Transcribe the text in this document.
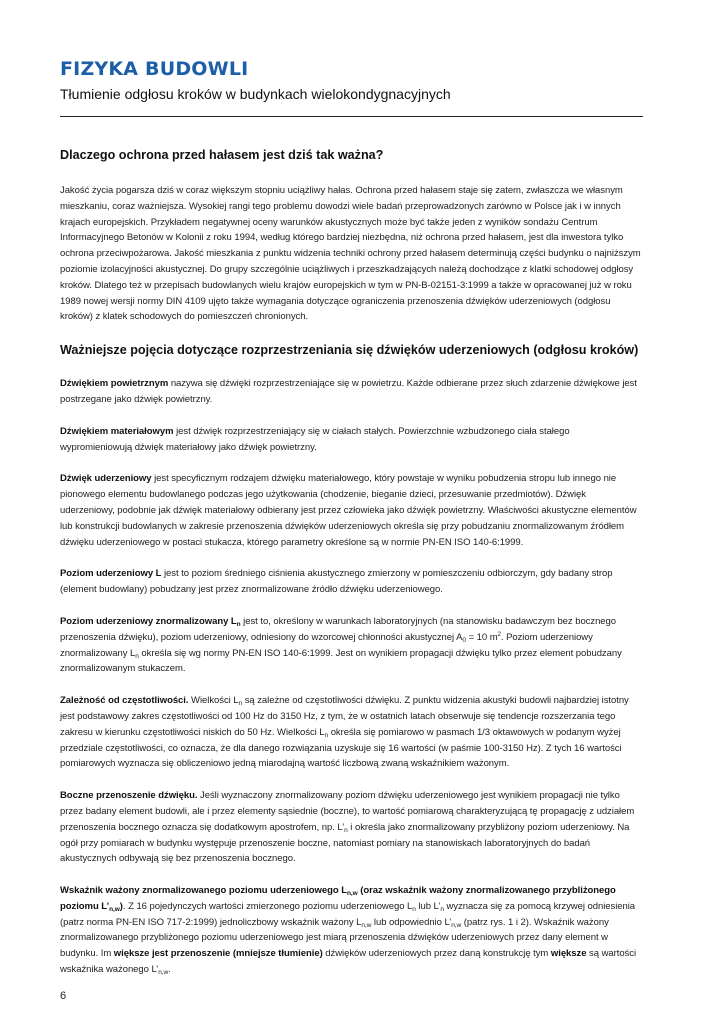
FIZYKA BUDOWLI
Tłumienie odgłosu kroków w budynkach wielokondygnacyjnych
Dlaczego ochrona przed hałasem jest dziś tak ważna?

Jakość życia pogarsza dziś w coraz większym stopniu uciążliwy hałas. Ochrona przed hałasem staje się zatem, zwłaszcza we własnym mieszkaniu, coraz ważniejsza. Wysokiej rangi tego problemu dowodzi wiele badań przeprowadzonych zarówno w Polsce jak i w innych krajach europejskich. Przykładem negatywnej oceny warunków akustycznych może być także jeden z wyników sondażu Centrum Informacyjnego Betonów w Kolonii z roku 1994, według którego bardziej niezbędna, niż ochrona przed hałasem, jest dla inwestora tylko ochrona przeciwpożarowa. Jakość mieszkania z punktu widzenia techniki ochrony przed hałasem determinują części budynku o najniższym poziomie izolacyjności akustycznej. Do grupy szczególnie uciążliwych i przeszkadzających należą dochodzące z klatki schodowej odgłosy kroków. Dlatego też w przepisach budowlanych wielu krajów europejskich w tym w PN-B-02151-3:1999 a także w opracowanej już w roku 1989 nowej wersji normy DIN 4109 ujęto także wymagania dotyczące ograniczenia przenoszenia dźwięków uderzeniowych (odgłosu kroków) z klatek schodowych do pomieszczeń chronionych.

Ważniejsze pojęcia dotyczące rozprzestrzeniania się dźwięków uderzeniowych (odgłosu kroków)

Dźwiękiem powietrznym nazywa się dźwięki rozprzestrzeniające się w powietrzu. Każde odbierane przez słuch zdarzenie dźwiękowe jest postrzegane jako dźwięk powietrzny.

Dźwiękiem materiałowym jest dźwięk rozprzestrzeniający się w ciałach stałych. Powierzchnie wzbudzonego ciała stałego wypromieniowują dźwięk materiałowy jako dźwięk powietrzny.

Dźwięk uderzeniowy jest specyficznym rodzajem dźwięku materiałowego, który powstaje w wyniku pobudzenia stropu lub innego nie pionowego elementu budowlanego podczas jego użytkowania (chodzenie, bieganie dzieci, przesuwanie przedmiotów). Dźwięk uderzeniowy, podobnie jak dźwięk materiałowy odbierany jest przez człowieka jako dźwięk powietrzny. Właściwości akustyczne elementów lub konstrukcji budowlanych w zakresie przenoszenia dźwięków uderzeniowych określa się przy pobudzaniu znormalizowanym źródłem dźwięku uderzeniowego w postaci stukacza, którego parametry określone są w normie PN-EN ISO 140-6:1999.

Poziom uderzeniowy L jest to poziom średniego ciśnienia akustycznego zmierzony w pomieszczeniu odbiorczym, gdy badany strop (element budowlany) pobudzany jest przez znormalizowane źródło dźwięku uderzeniowego.

Poziom uderzeniowy znormalizowany $L_n$ jest to, określony w warunkach laboratoryjnych (na stanowisku badawczym bez bocznego przenoszenia dźwięku), poziom uderzeniowy, odniesiony do wzorcowej chłonności akustycznej $A_0 = 10$ $m^2$. Poziom uderzeniowy znormalizowany $L_n$ określa się wg normy PN-EN ISO 140-6:1999. Jest on wynikiem propagacji dźwięku tylko przez element pobudzany znormalizowanym stukaczem.

Zależność od częstotliwości. Wielkości $L_n$ są zależne od częstotliwości dźwięku. Z punktu widzenia akustyki budowli najbardziej istotny jest podstawowy zakres częstotliwości od 100 Hz do 3150 Hz, z tym, że w ostatnich latach obserwuje się tendencje rozszerzania tego zakresu w kierunku częstotliwości niskich do 50 Hz. Wielkości $L_n$ określa się pomiarowo w pasmach 1/3 oktawowych w podanym wyżej przedziale częstotliwości, co oznacza, że dla danego rozwiązania uzyskuje się 16 wartości (w paśmie 100-3150 Hz). Z tych 16 wartości pomiarowych wyznacza się obliczeniowo jedną miarodajną wartość liczbową zwaną wskaźnikiem ważonym.

Boczne przenoszenie dźwięku. Jeśli wyznaczony znormalizowany poziom dźwięku uderzeniowego jest wynikiem propagacji nie tylko przez badany element budowli, ale i przez elementy sąsiednie (boczne), to wartość pomiarową charakteryzującą tę propagację z udziałem przenoszenia bocznego oznacza się dodatkowym apostrofem, np. $L’_n$ i określa jako znormalizowany przybliżony poziom uderzeniowy. Na ogół przy pomiarach w budynku występuje przenoszenie boczne, natomiast pomiary na stanowiskach laboratoryjnych do badań akustycznych odbywają się bez przenoszenia bocznego.

Wskaźnik ważony znormalizowanego poziomu uderzeniowego $L_{n,w}$ (oraz wskaźnik ważony znormalizowanego przybliżonego poziomu $L’_{n,w}$). Z 16 pojedynczych wartości zmierzonego poziomu uderzeniowego $L_n$ lub $L’_n$ wyznacza się za pomocą krzywej odniesienia (patrz norma PN-EN ISO 717-2:1999) jednoliczbowy wskaźnik ważony $L_{n,w}$ lub odpowiednio $L’_{n,w}$ (patrz rys. 1 i 2). Wskaźnik ważony znormalizowanego przybliżonego poziomu uderzeniowego jest miarą przenoszenia dźwięków uderzeniowych przez dany element w budynku. Im większe jest przenoszenie (mniejsze tłumienie) dźwięków uderzeniowych przez daną konstrukcję tym większe są wartości wskaźnika ważonego $L’_{n,w}$.

6
